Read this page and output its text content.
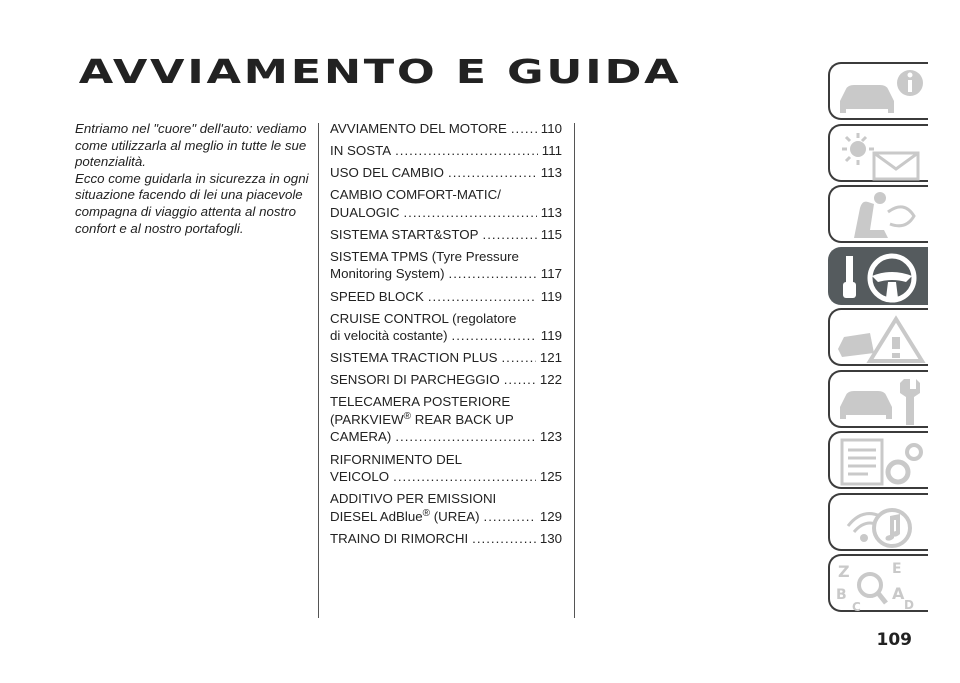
AVVIAMENTO E GUIDA

Entriamo nel "cuore" dell'auto: vediamo come utilizzarla al meglio in tutte le sue potenzialità.

Ecco come guidarla in sicurezza in ogni situazione facendo di lei una piacevole compagna di viaggio attenta al nostro confort e al nostro portafogli.

AVVIAMENTO DEL MOTORE .....	110
IN SOSTA .....	111
USO DEL CAMBIO .....	113
CAMBIO COMFORT-MATIC/
DUALOGIC .....	113
SISTEMA START&STOP .....	115
SISTEMA TPMS (Tyre Pressure
Monitoring System) .....	117
SPEED BLOCK .....	119
CRUISE CONTROL (regolatore
di velocità costante) .....	119
SISTEMA TRACTION PLUS .....	121
SENSORI DI PARCHEGGIO .....	122
TELECAMERA POSTERIORE
(PARKVIEW® REAR BACK UP
CAMERA) .....	123
RIFORNIMENTO DEL
VEICOLO .....	125
ADDITIVO PER EMISSIONI
DIESEL AdBlue® (UREA) .....	129
TRAINO DI RIMORCHI .....	130
Z	E
B	A
C	D
109
